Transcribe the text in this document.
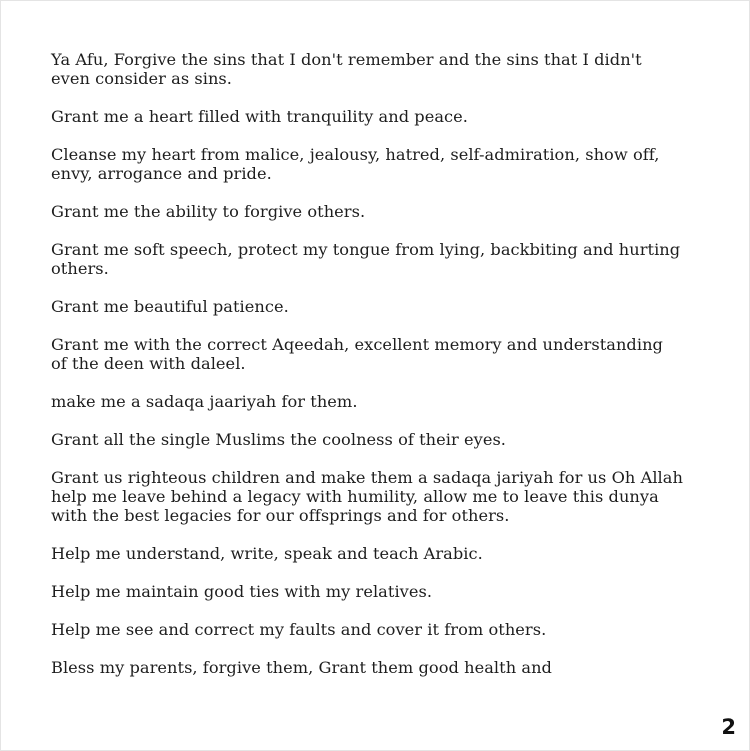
Ya Afu, Forgive the sins that I don't remember and the sins that I didn't
even consider as sins.

Grant me a heart filled with tranquility and peace.

Cleanse my heart from malice, jealousy, hatred, self-admiration, show off,
envy, arrogance and pride.

Grant me the ability to forgive others.

Grant me soft speech, protect my tongue from lying, backbiting and hurting
others.

Grant me beautiful patience.

Grant me with the correct Aqeedah, excellent memory and understanding
of the deen with daleel.

make me a sadaqa jaariyah for them.

Grant all the single Muslims the coolness of their eyes.

Grant us righteous children and make them a sadaqa jariyah for us Oh Allah
help me leave behind a legacy with humility, allow me to leave this dunya
with the best legacies for our offsprings and for others.

Help me understand, write, speak and teach Arabic.

Help me maintain good ties with my relatives.

Help me see and correct my faults and cover it from others.

Bless my parents, forgive them, Grant them good health and

2
